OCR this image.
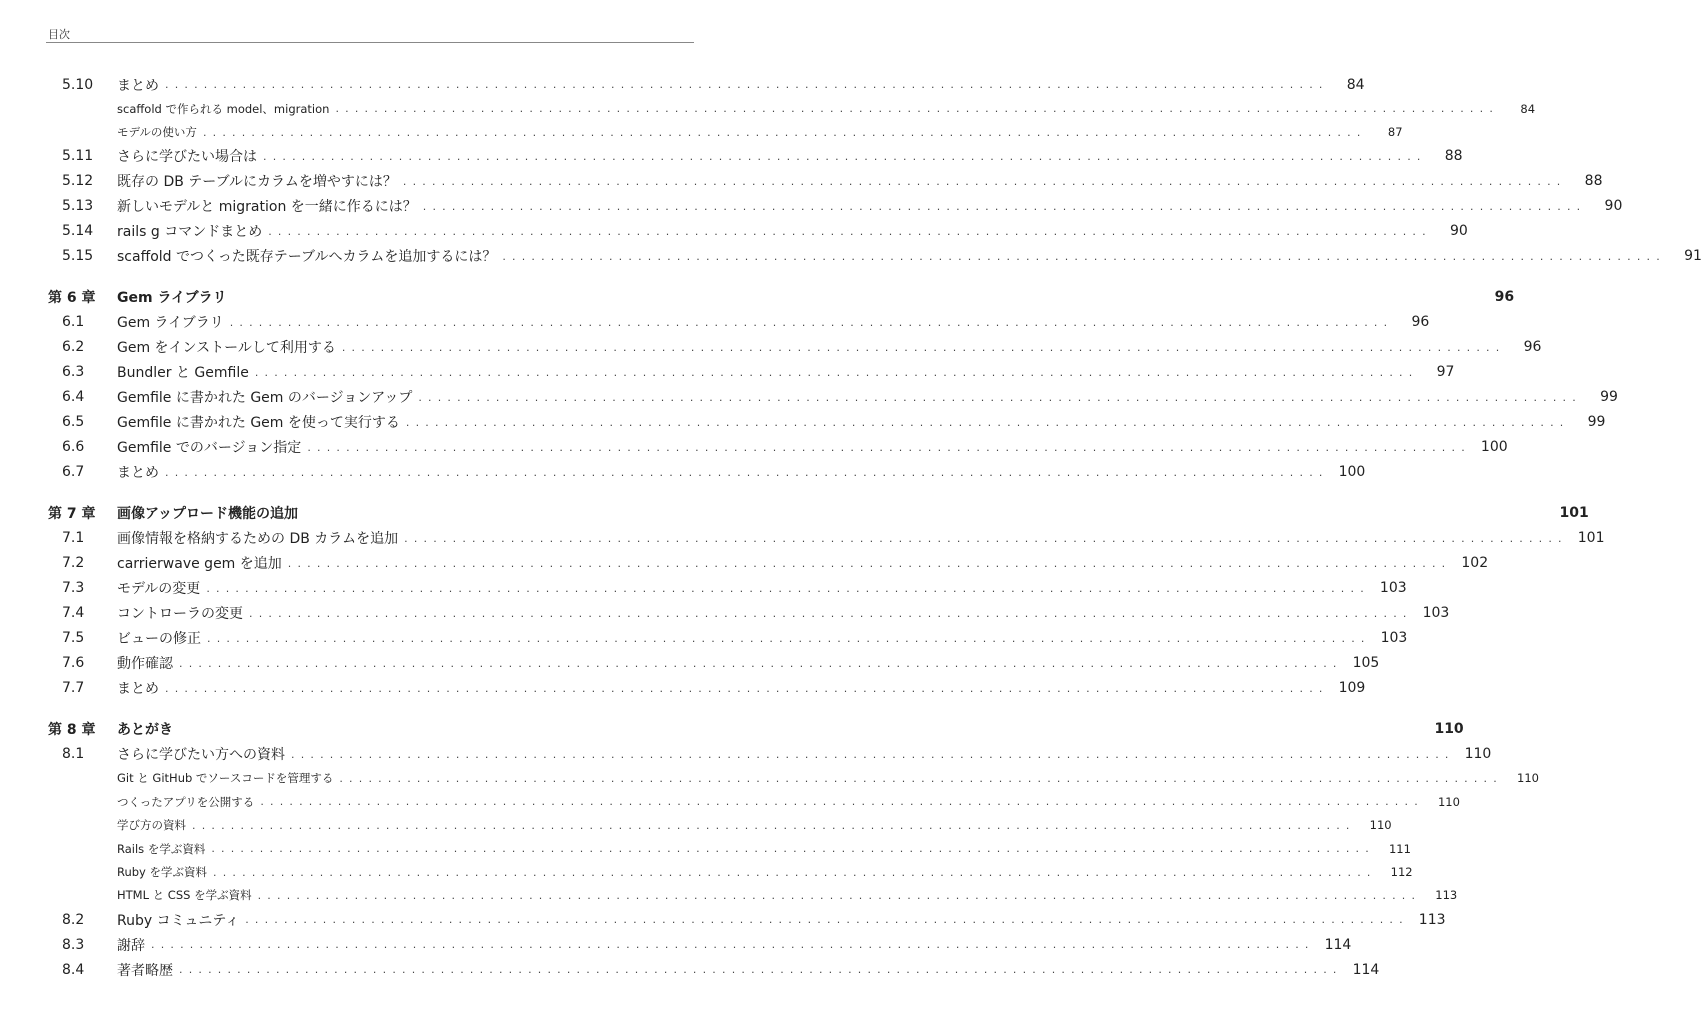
目次
5.10	まとめ ........................................................................................................................	84
scaffold で作られる model、migration ........................................................................................................................	84
モデルの使い方 ........................................................................................................................	87
5.11	さらに学びたい場合は ........................................................................................................................	88
5.12	既存の DB テーブルにカラムを増やすには？ ........................................................................................................................	88
5.13	新しいモデルと migration を一緒に作るには？ ........................................................................................................................	90
5.14	rails g コマンドまとめ ........................................................................................................................	90
5.15	scaffold でつくった既存テーブルへカラムを追加するには？ ........................................................................................................................	91
第 6 章	Gem ライブラリ	96
6.1	Gem ライブラリ ........................................................................................................................	96
6.2	Gem をインストールして利用する ........................................................................................................................	96
6.3	Bundler と Gemfile ........................................................................................................................	97
6.4	Gemfile に書かれた Gem のバージョンアップ ........................................................................................................................	99
6.5	Gemfile に書かれた Gem を使って実行する ........................................................................................................................	99
6.6	Gemfile でのバージョン指定 ........................................................................................................................ 100
6.7	まとめ ........................................................................................................................ 100
第 7 章	画像アップロード機能の追加	101
7.1	画像情報を格納するための DB カラムを追加 ........................................................................................................................ 101
7.2	carrierwave gem を追加 ........................................................................................................................ 102
7.3	モデルの変更 ........................................................................................................................ 103
7.4	コントローラの変更 ........................................................................................................................ 103
7.5	ビューの修正 ........................................................................................................................ 103
7.6	動作確認 ........................................................................................................................ 105
7.7	まとめ ........................................................................................................................ 109
第 8 章	あとがき	110
8.1	さらに学びたい方への資料 ........................................................................................................................ 110
Git と GitHub でソースコードを管理する ........................................................................................................................	110
つくったアプリを公開する ........................................................................................................................	110
学び方の資料 ........................................................................................................................	110
Rails を学ぶ資料 ........................................................................................................................	111
Ruby を学ぶ資料 ........................................................................................................................	112
HTML と CSS を学ぶ資料 ........................................................................................................................	113
8.2	Ruby コミュニティ ........................................................................................................................ 113
8.3	謝辞 ........................................................................................................................ 114
8.4	著者略歴 ........................................................................................................................ 114
